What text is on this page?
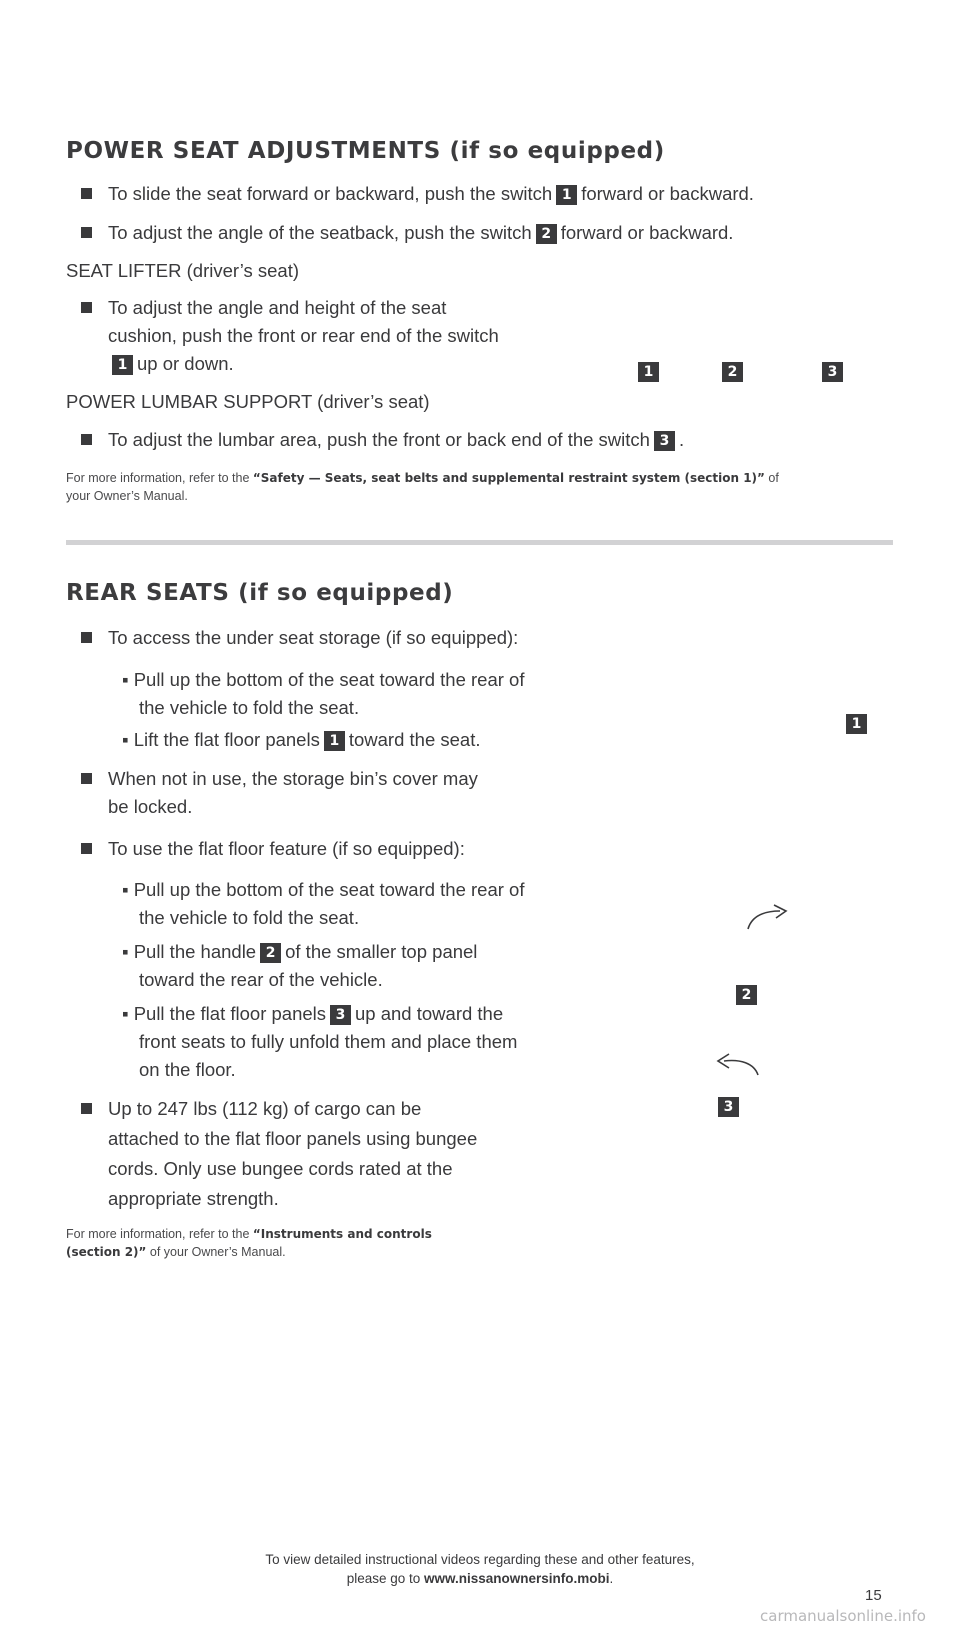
POWER SEAT ADJUSTMENTS (if so equipped)
To slide the seat forward or backward, push the switch 1 forward or backward.
To adjust the angle of the seatback, push the switch 2 forward or backward.
SEAT LIFTER (driver’s seat)
To adjust the angle and height of the seat
cushion, push the front or rear end of the switch
1 up or down.	1	2	3
POWER LUMBAR SUPPORT (driver’s seat)
To adjust the lumbar area, push the front or back end of the switch 3 .
For more information, refer to the “Safety — Seats, seat belts and supplemental restraint system (section 1)” of
your Owner’s Manual.
REAR SEATS (if so equipped)
To access the under seat storage (if so equipped):
▪ Pull up the bottom of the seat toward the rear of
the vehicle to fold the seat.
▪ Lift the flat floor panels 1 toward the seat.
1
When not in use, the storage bin’s cover may
be locked.
To use the flat floor feature (if so equipped):
▪ Pull up the bottom of the seat toward the rear of
the vehicle to fold the seat.
▪ Pull the handle 2 of the smaller top panel
toward the rear of the vehicle.
▪ Pull the flat floor panels 3 up and toward the
front seats to fully unfold them and place them
on the floor.
2
3
Up to 247 lbs (112 kg) of cargo can be
attached to the flat floor panels using bungee
cords. Only use bungee cords rated at the
appropriate strength.
For more information, refer to the “Instruments and controls
(section 2)” of your Owner’s Manual.
To view detailed instructional videos regarding these and other features,
please go to www.nissanownersinfo.mobi.
15
carmanualsonline.info
